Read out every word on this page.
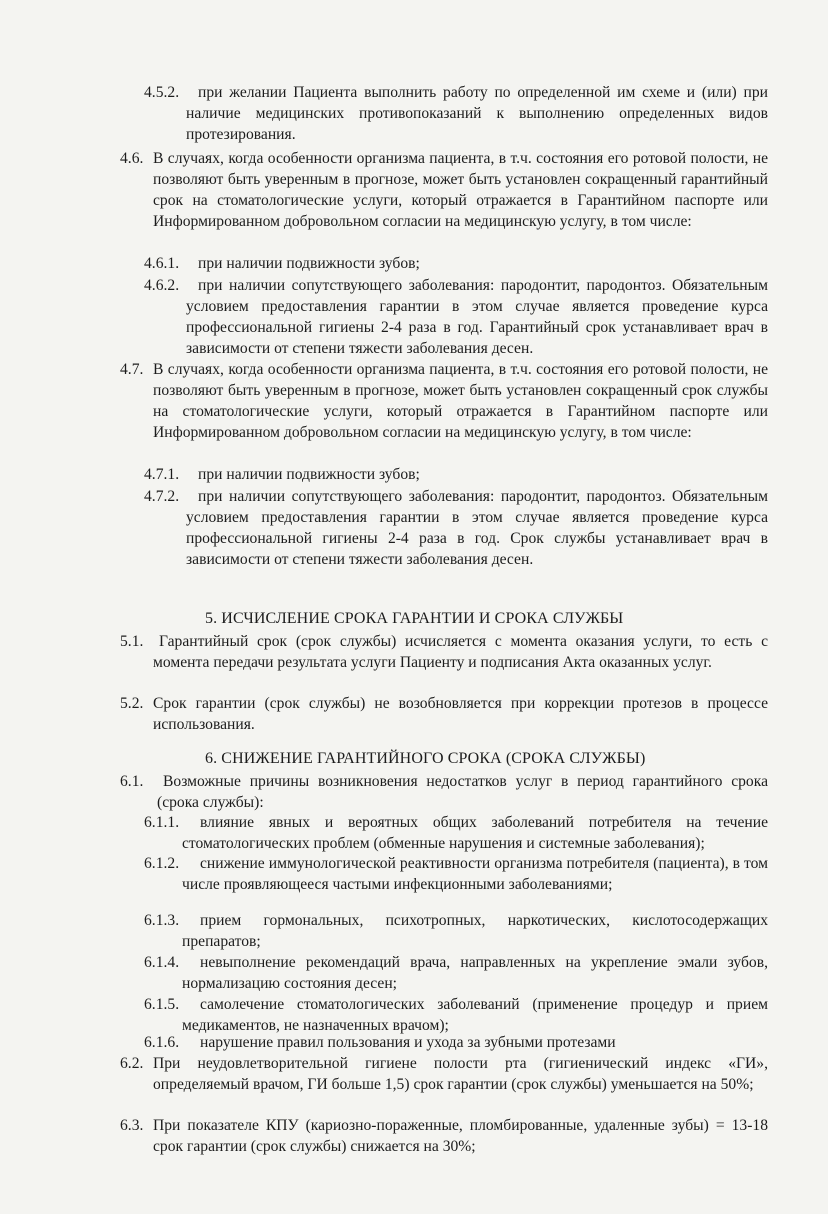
4.5.2.	при желании Пациента выполнить работу по определенной им схеме и (или) при наличие медицинских противопоказаний к выполнению определенных видов протезирования.
4.6. В случаях, когда особенности организма пациента, в т.ч. состояния его ротовой полости, не позволяют быть уверенным в прогнозе, может быть установлен сокращенный гарантийный срок на стоматологические услуги, который отражается в Гарантийном паспорте или Информированном добровольном согласии на медицинскую услугу, в том числе:
4.6.1.	при наличии подвижности зубов;
4.6.2.	при наличии сопутствующего заболевания: пародонтит, пародонтоз. Обязательным условием предоставления гарантии в этом случае является проведение курса профессиональной гигиены 2-4 раза в год. Гарантийный срок устанавливает врач в зависимости от степени тяжести заболевания десен.
4.7. В случаях, когда особенности организма пациента, в т.ч. состояния его ротовой полости, не позволяют быть уверенным в прогнозе, может быть установлен сокращенный срок службы на стоматологические услуги, который отражается в Гарантийном паспорте или Информированном добровольном согласии на медицинскую услугу, в том числе:
4.7.1.	при наличии подвижности зубов;
4.7.2.	при наличии сопутствующего заболевания: пародонтит, пародонтоз. Обязательным условием предоставления гарантии в этом случае является проведение курса профессиональной гигиены 2-4 раза в год. Срок службы устанавливает врач в зависимости от степени тяжести заболевания десен.
5. ИСЧИСЛЕНИЕ СРОКА ГАРАНТИИ И СРОКА СЛУЖБЫ
5.1.	Гарантийный срок (срок службы) исчисляется с момента оказания услуги, то есть с момента передачи результата услуги Пациенту и подписания Акта оказанных услуг.
5.2. Срок гарантии (срок службы) не возобновляется при коррекции протезов в процессе использования.
6. СНИЖЕНИЕ ГАРАНТИЙНОГО СРОКА (СРОКА СЛУЖБЫ)
6.1.	Возможные причины возникновения недостатков услуг в период гарантийного срока (срока службы):
6.1.1.	влияние явных и вероятных общих заболеваний потребителя на течение стоматологических проблем (обменные нарушения и системные заболевания);
6.1.2.	снижение иммунологической реактивности организма потребителя (пациента), в том числе проявляющееся частыми инфекционными заболеваниями;
6.1.3.	прием гормональных, психотропных, наркотических, кислотосодержащих препаратов;
6.1.4.	невыполнение рекомендаций врача, направленных на укрепление эмали зубов, нормализацию состояния десен;
6.1.5.	самолечение стоматологических заболеваний (применение процедур и прием медикаментов, не назначенных врачом);
6.1.6.	нарушение правил пользования и ухода за зубными протезами
6.2. При неудовлетворительной гигиене полости рта (гигиенический индекс «ГИ», определяемый врачом, ГИ больше 1,5) срок гарантии (срок службы) уменьшается на 50%;
6.3. При показателе КПУ (кариозно-пораженные, пломбированные, удаленные зубы) = 13-18 срок гарантии (срок службы) снижается на 30%;
